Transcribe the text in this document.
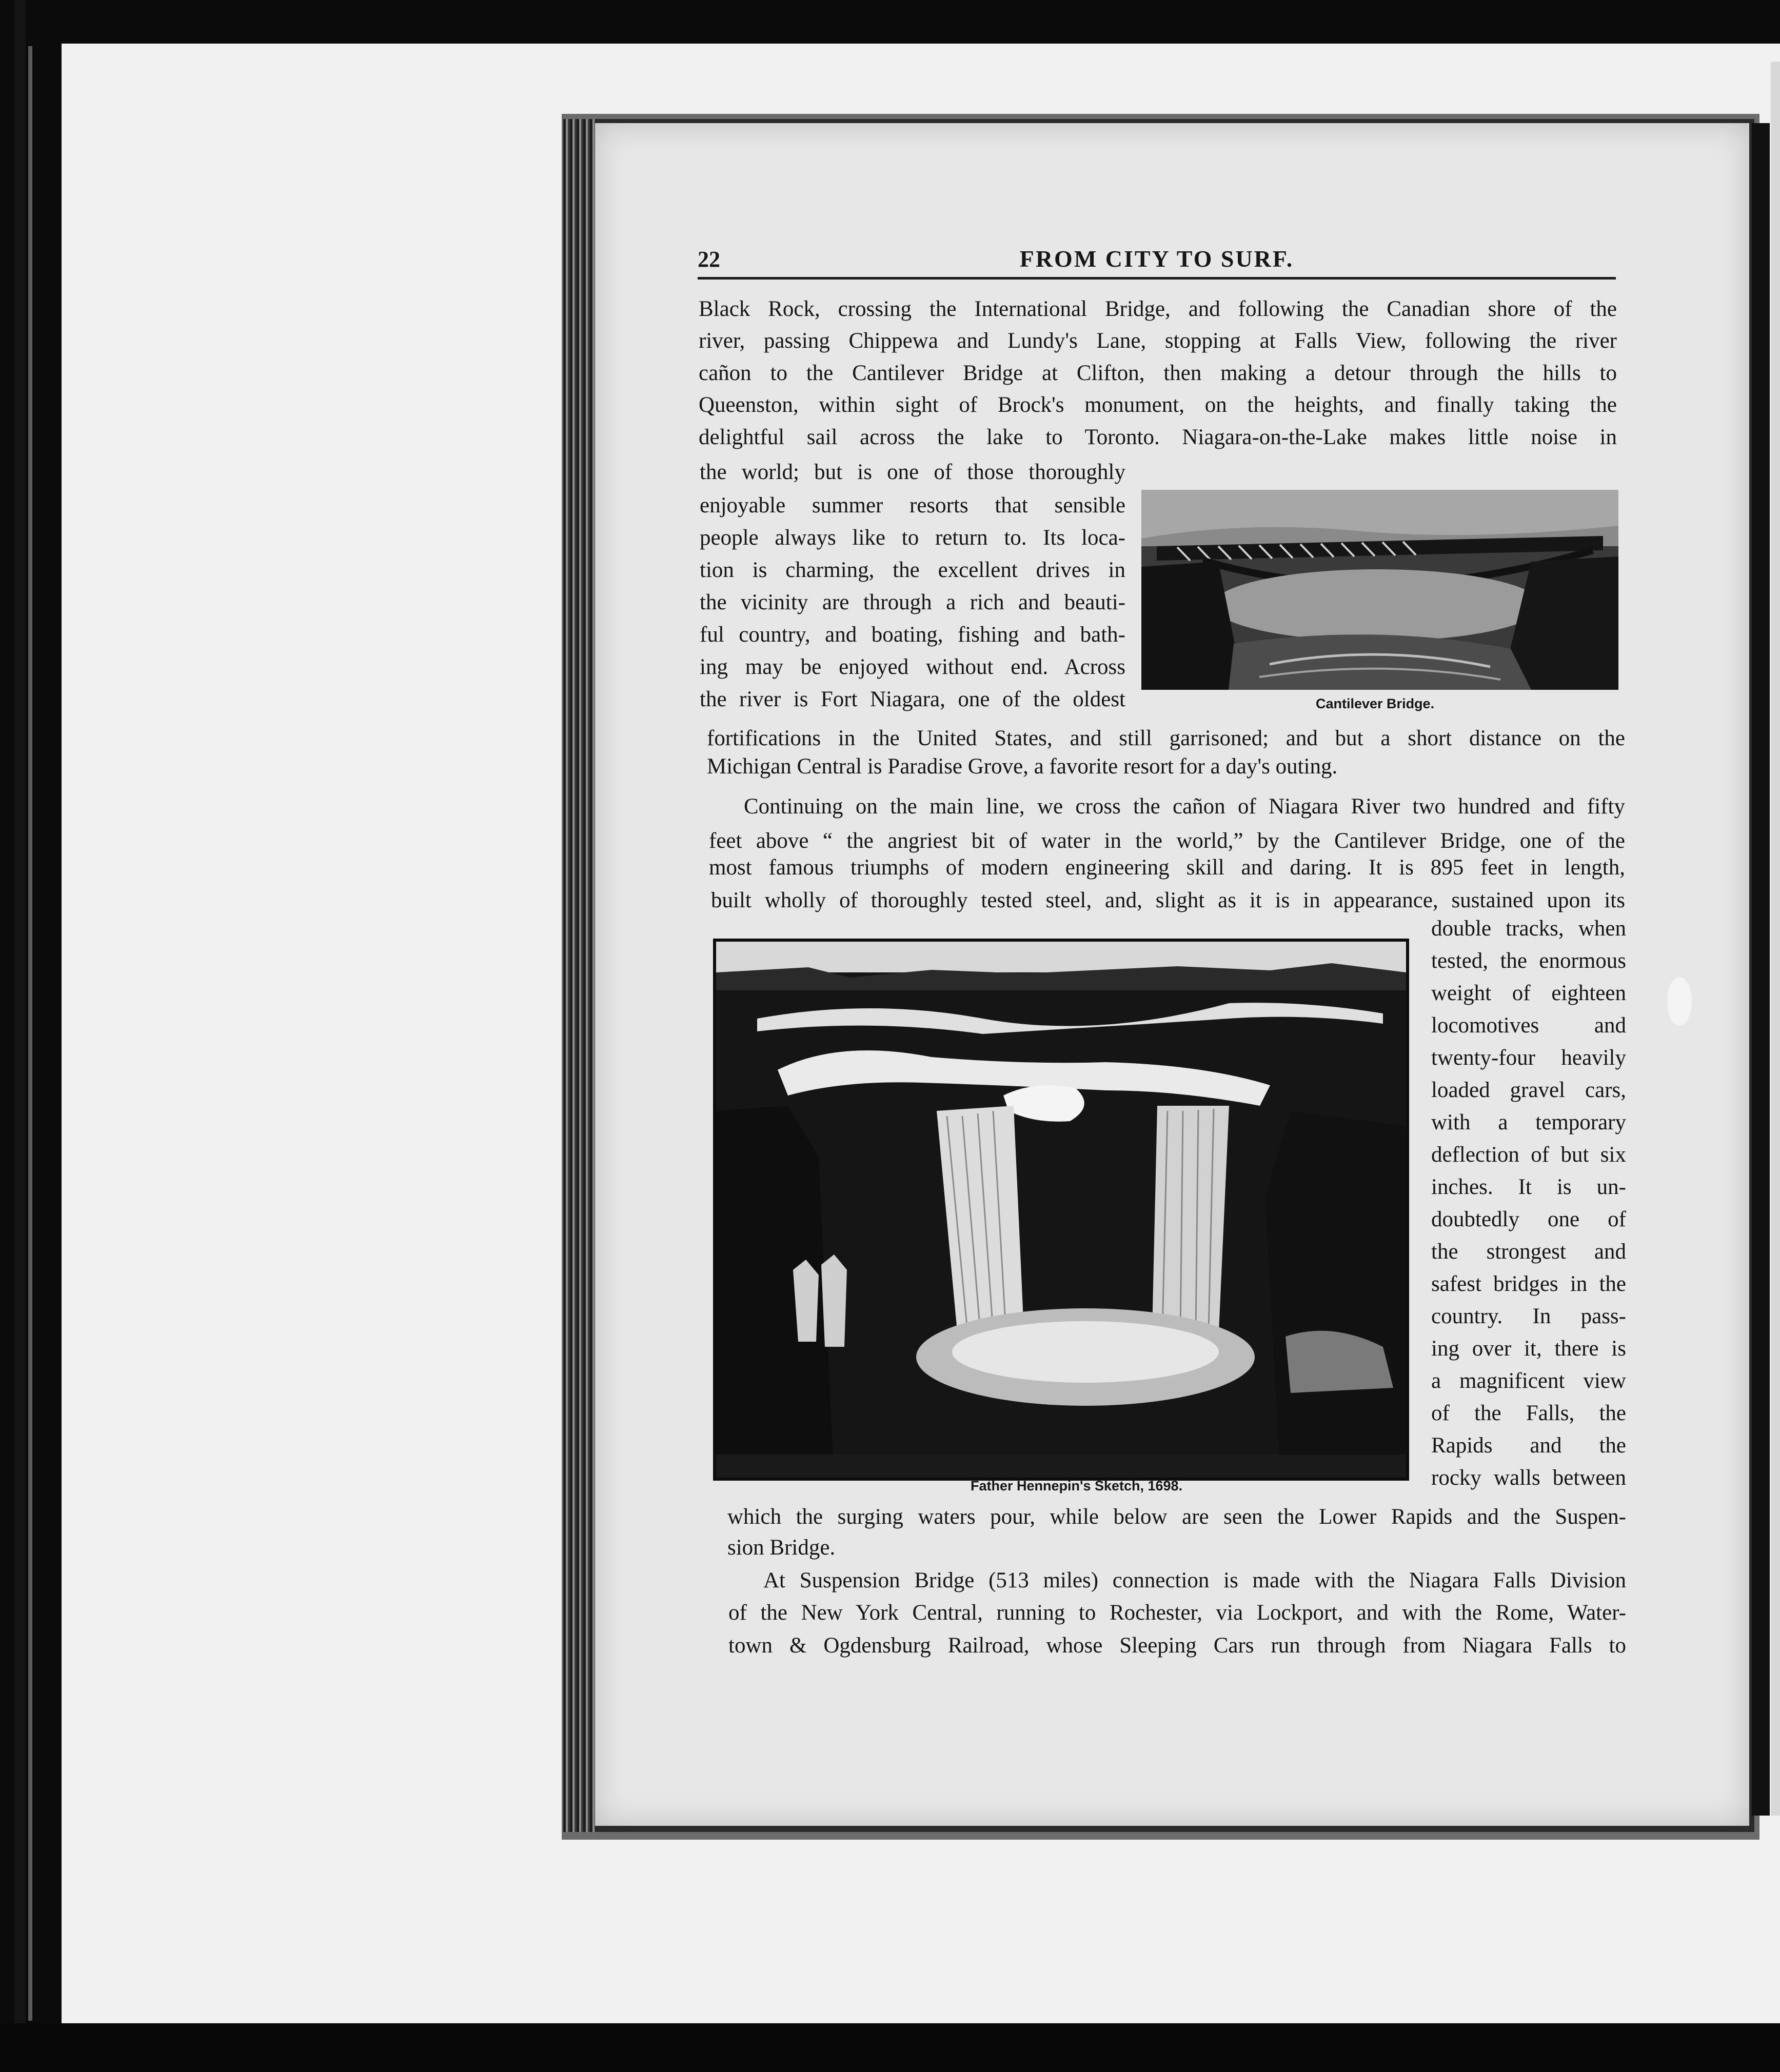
22	FROM CITY TO SURF.
Black Rock, crossing the International Bridge, and following the Canadian shore of the
river, passing Chippewa and Lundy's Lane, stopping at Falls View, following the river
cañon to the Cantilever Bridge at Clifton, then making a detour through the hills to
Queenston, within sight of Brock's monument, on the heights, and finally taking the
delightful sail across the lake to Toronto. Niagara-on-the-Lake makes little noise in
the world; but is one of those thoroughly
enjoyable summer resorts that sensible
people always like to return to. Its loca-
tion is charming, the excellent drives in
the vicinity are through a rich and beauti-
ful country, and boating, fishing and bath-
ing may be enjoyed without end. Across
the river is Fort Niagara, one of the oldest
fortifications in the United States, and still garrisoned; and but a short distance on the
Michigan Central is Paradise Grove, a favorite resort for a day's outing.
Continuing on the main line, we cross the cañon of Niagara River two hundred and fifty
feet above “ the angriest bit of water in the world,” by the Cantilever Bridge, one of the
most famous triumphs of modern engineering skill and daring. It is 895 feet in length,
built wholly of thoroughly tested steel, and, slight as it is in appearance, sustained upon its
double tracks, when
tested, the enormous
weight of eighteen
locomotives and
twenty-four heavily
loaded gravel cars,
with a temporary
deflection of but six
inches. It is un-
doubtedly one of
the strongest and
safest bridges in the
country. In pass-
ing over it, there is
a magnificent view
of the Falls, the
Rapids and the
rocky walls between
which the surging waters pour, while below are seen the Lower Rapids and the Suspen-
sion Bridge.
At Suspension Bridge (513 miles) connection is made with the Niagara Falls Division
of the New York Central, running to Rochester, via Lockport, and with the Rome, Water-
town & Ogdensburg Railroad, whose Sleeping Cars run through from Niagara Falls to
Cantilever Bridge.
Father Hennepin's Sketch, 1698.
